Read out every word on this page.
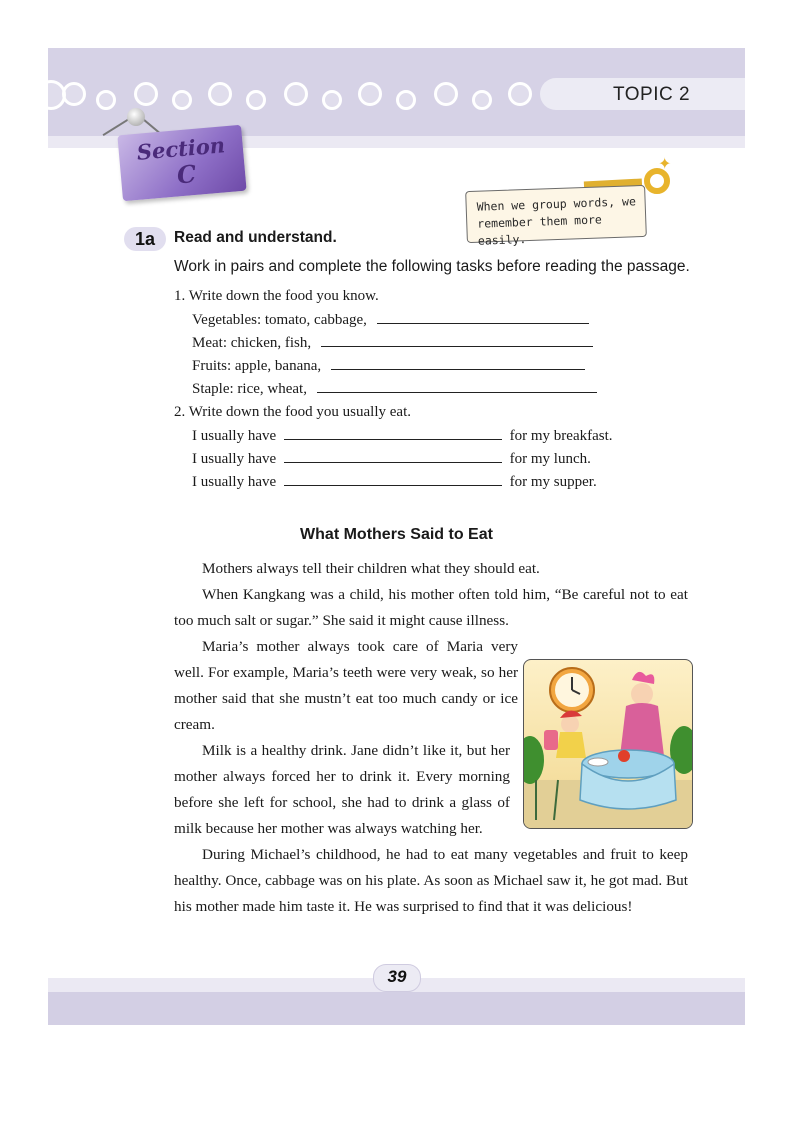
TOPIC 2
Section
C	✦
When we group words, we remember them more easily.
1a	Read and understand.
Work in pairs and complete the following tasks before reading the passage.
1. Write down the food you know.
Vegetables: tomato, cabbage,
Meat: chicken, fish,
Fruits: apple, banana,
Staple: rice, wheat,
2. Write down the food you usually eat.
I usually have	for my breakfast.
I usually have	for my lunch.
I usually have	for my supper.
What Mothers Said to Eat
Mothers always tell their children what they should eat.
When Kangkang was a child, his mother often told him, “Be careful not to eat too much salt or sugar.” She said it might cause illness.
Maria’s mother always took care of Maria very well. For example, Maria’s teeth were very weak, so her mother said that she mustn’t eat too much candy or ice cream.
Milk is a healthy drink. Jane didn’t like it, but her mother always forced her to drink it. Every morning before she left for school, she had to drink a glass of milk because her mother was always watching her.
During Michael’s childhood, he had to eat many vegetables and fruit to keep healthy. Once, cabbage was on his plate. As soon as Michael saw it, he got mad. But his mother made him taste it. He was surprised to find that it was delicious!
39
